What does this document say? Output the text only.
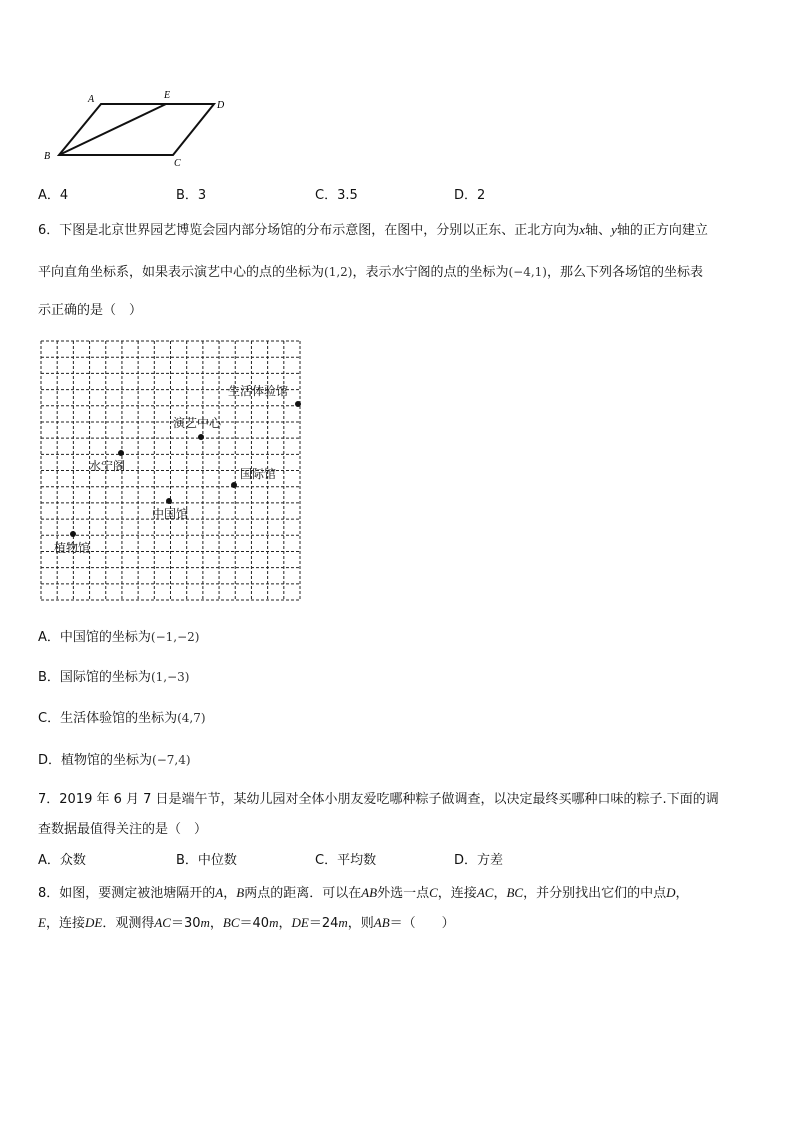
A	E
D
B
C
A．4	B．3	C．3.5	D．2
6．下图是北京世界园艺博览会园内部分场馆的分布示意图，在图中，分别以正东、正北方向为x轴、y轴的正方向建立
平向直角坐标系，如果表示演艺中心的点的坐标为(1,2)，表示水宁阁的点的坐标为(−4,1)，那么下列各场馆的坐标表
示正确的是（　）
生活体验馆
演艺中心
水宁阁
国际馆
中国馆
植物馆
A．中国馆的坐标为(−1,−2)
B．国际馆的坐标为(1,−3)
C．生活体验馆的坐标为(4,7)
D．植物馆的坐标为(−7,4)
7．2019 年 6 月 7 日是端午节，某幼儿园对全体小朋友爱吃哪种粽子做调查，以决定最终买哪种口味的粽子.下面的调
查数据最值得关注的是（　）
A．众数	B．中位数	C．平均数	D．方差
8．如图，要测定被池塘隔开的A，B两点的距离．可以在AB外选一点C，连接AC，BC，并分别找出它们的中点D，
E，连接DE．观测得AC＝30m，BC＝40m，DE＝24m，则AB＝（　　）
